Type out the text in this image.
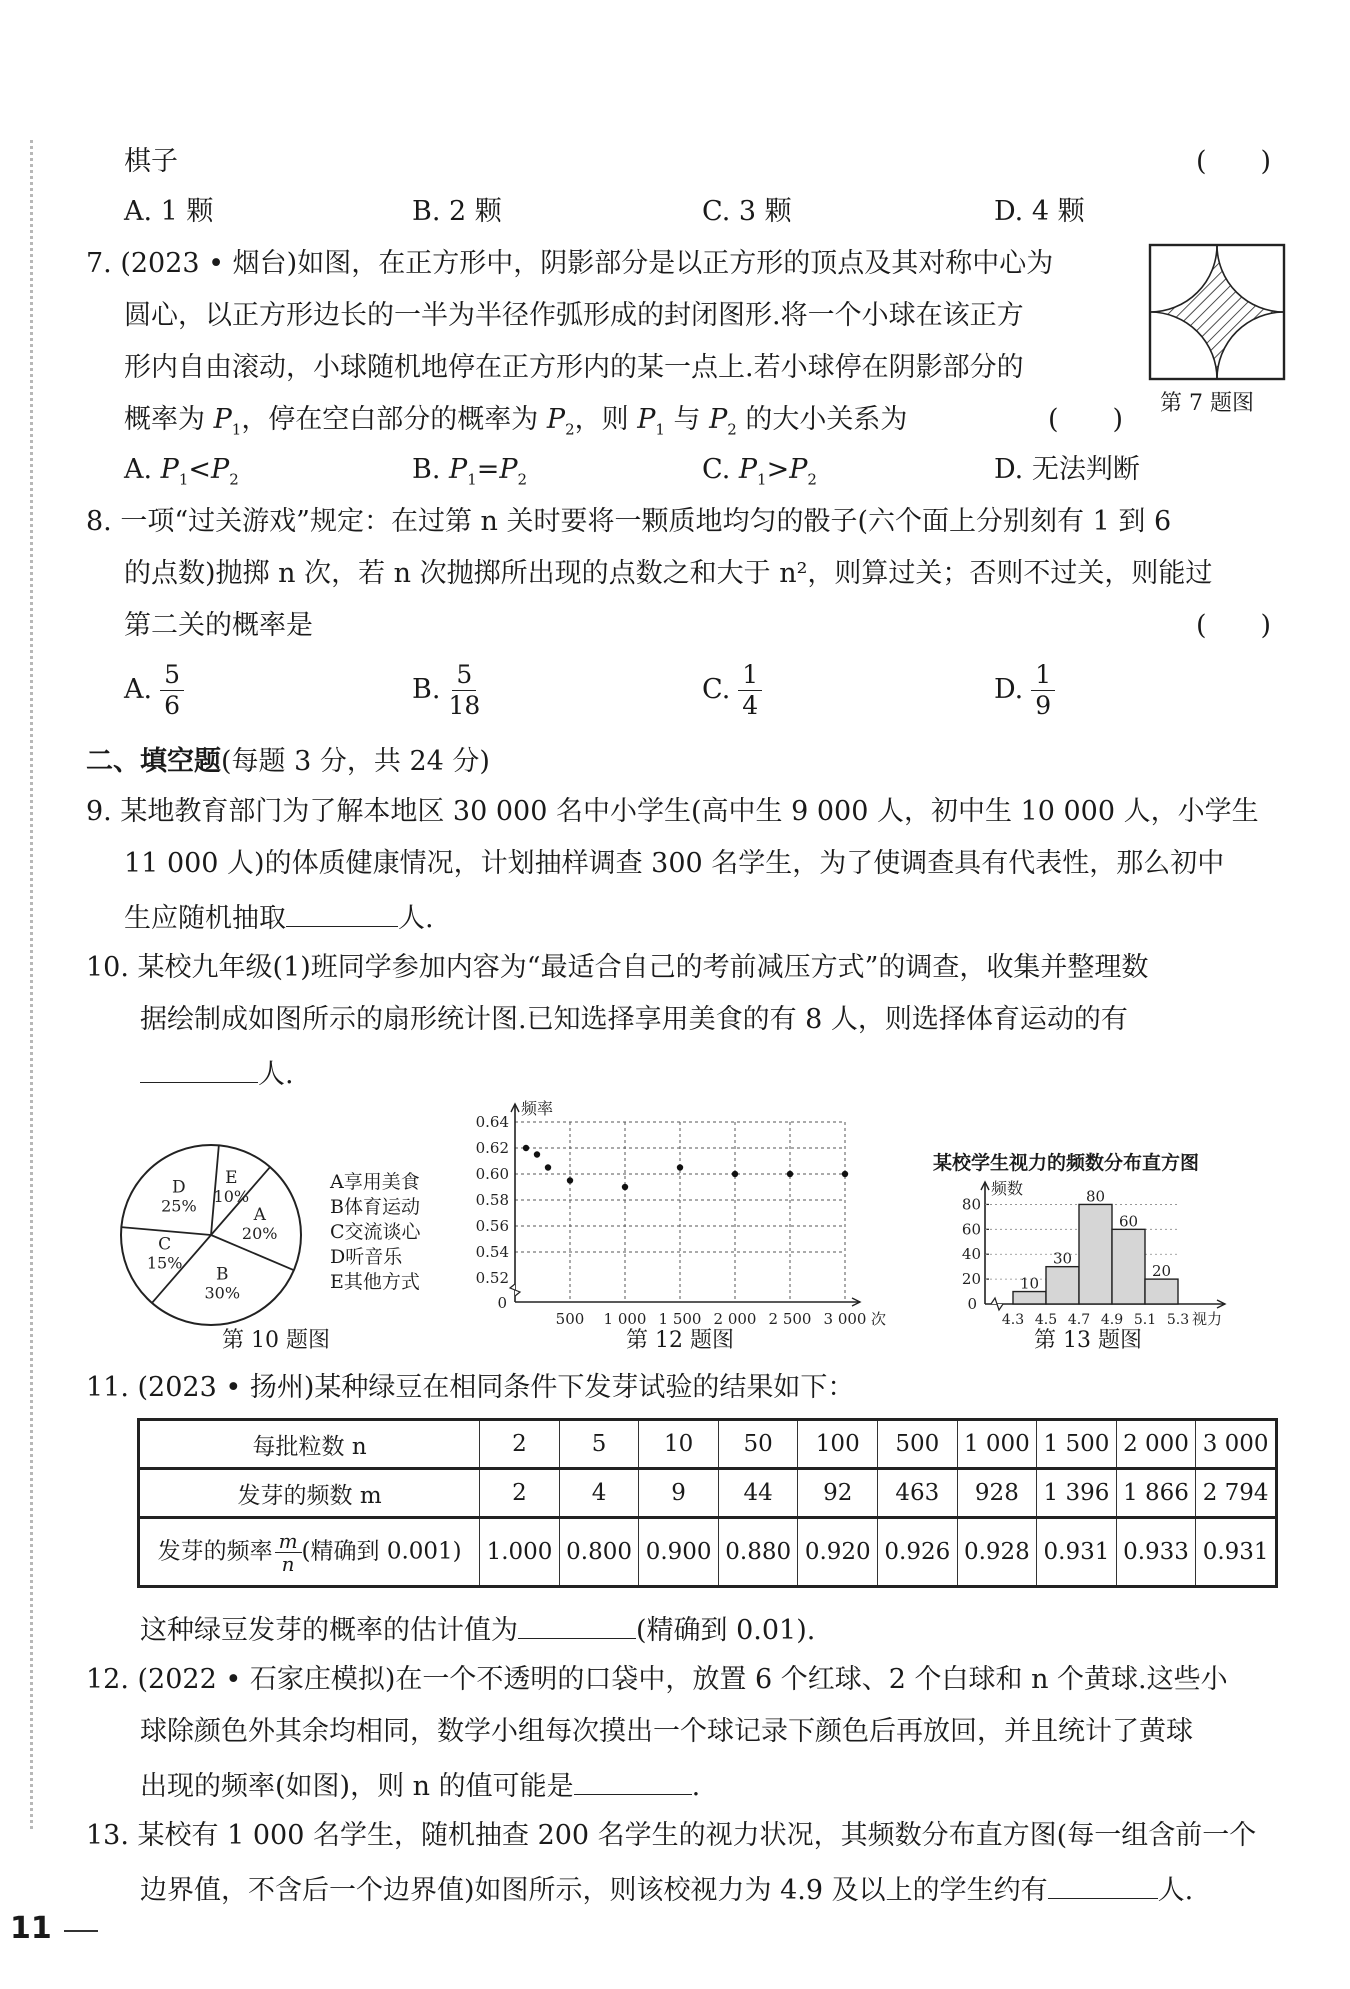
棋子	(　　)
A. 1 颗	B. 2 颗	C. 3 颗	D. 4 颗
7. (2023 • 烟台)如图，在正方形中，阴影部分是以正方形的顶点及其对称中心为
圆心，以正方形边长的一半为半径作弧形成的封闭图形.将一个小球在该正方
形内自由滚动，小球随机地停在正方形内的某一点上.若小球停在阴影部分的
概率为 $P_1$，停在空白部分的概率为 $P_2$，则 $P_1$ 与 $P_2$ 的大小关系为	(　　)
第 7 题图
A. $P_1<P_2$	B. $P_1=P_2$	C. $P_1>P_2$	D. 无法判断
8. 一项“过关游戏”规定：在过第 n 关时要将一颗质地均匀的骰子(六个面上分别刻有 1 到 6
的点数)抛掷 n 次，若 n 次抛掷所出现的点数之和大于 n²，则算过关；否则不过关，则能过
第二关的概率是	(　　)
A. $\frac{5}{6}$	B. $\frac{5}{18}$	C. $\frac{1}{4}$	D. $\frac{1}{9}$
二、填空题(每题 3 分，共 24 分)
9. 某地教育部门为了解本地区 30 000 名中小学生(高中生 9 000 人，初中生 10 000 人，小学生
11 000 人)的体质健康情况，计划抽样调查 300 名学生，为了使调查具有代表性，那么初中
生应随机抽取	人.
10. 某校九年级(1)班同学参加内容为“最适合自己的考前减压方式”的调查，收集并整理数
据绘制成如图所示的扇形统计图.已知选择享用美食的有 8 人，则选择体育运动的有
人.
E
10%
A
20%
B
30%
C
15%
D
25%
A享用美食
B体育运动
C交流谈心
D听音乐
E其他方式
第 10 题图
0.64
0.62
0.60
0.58
0.56
0.54
0.52
0
频率
500 1 000 1 500 2 000 2 500 3 000 次
第 12 题图
某校学生视力的频数分布直方图
频数
80
60
40
20
0
10
30
80
60
20
4.3 4.5 4.7 4.9 5.1 5.3 视力
第 13 题图
11. (2023 • 扬州)某种绿豆在相同条件下发芽试验的结果如下：
每批粒数 n	2	5	10	50	100	500	1 000	1 500	2 000	3 000
发芽的频数 m	2	4	9	44	92	463	928	1 396	1 866	2 794
发芽的频率 $\frac{m}{n}$ (精确到 0.001)	1.000	0.800	0.900	0.880	0.920	0.926	0.928	0.931	0.933	0.931
这种绿豆发芽的概率的估计值为	(精确到 0.01).
12. (2022 • 石家庄模拟)在一个不透明的口袋中，放置 6 个红球、2 个白球和 n 个黄球.这些小
球除颜色外其余均相同，数学小组每次摸出一个球记录下颜色后再放回，并且统计了黄球
出现的频率(如图)，则 n 的值可能是	.
13. 某校有 1 000 名学生，随机抽查 200 名学生的视力状况，其频数分布直方图(每一组含前一个
边界值，不含后一个边界值)如图所示，则该校视力为 4.9 及以上的学生约有	人.
11
